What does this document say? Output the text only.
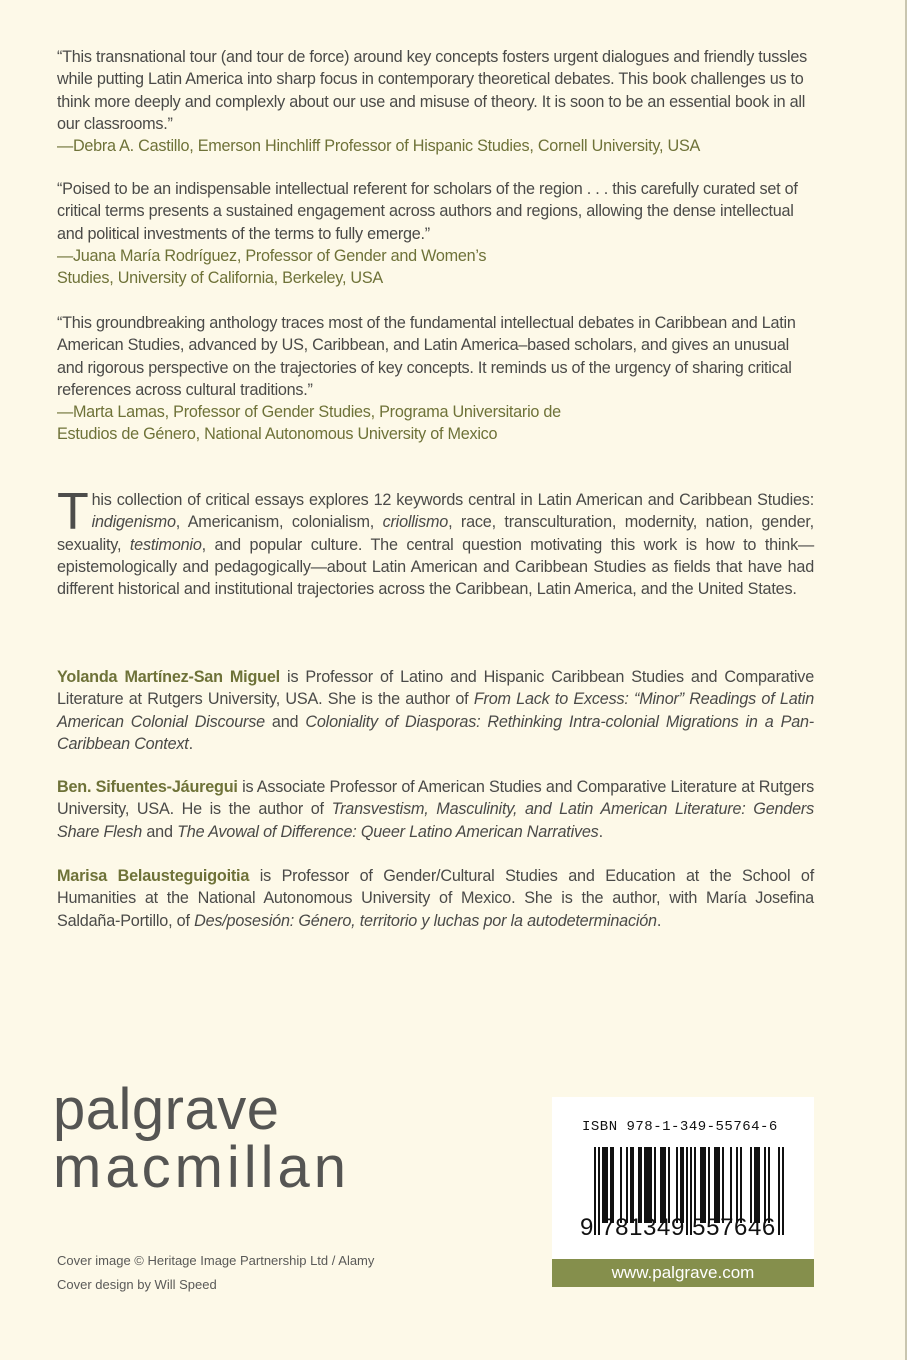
“This transnational tour (and tour de force) around key concepts fosters urgent dialogues and friendly tussles while putting Latin America into sharp focus in contemporary theoretical debates. This book challenges us to think more deeply and complexly about our use and misuse of theory. It is soon to be an essential book in all our classrooms.”

—Debra A. Castillo, Emerson Hinchliff Professor of Hispanic Studies, Cornell University, USA

“Poised to be an indispensable intellectual referent for scholars of the region . . . this carefully curated set of critical terms presents a sustained engagement across authors and regions, allowing the dense intellectual and political investments of the terms to fully emerge.”

—Juana María Rodríguez, Professor of Gender and Women’s

Studies, University of California, Berkeley, USA

“This groundbreaking anthology traces most of the fundamental intellectual debates in Caribbean and Latin American Studies, advanced by US, Caribbean, and Latin America–based scholars, and gives an unusual and rigorous perspective on the trajectories of key concepts. It reminds us of the urgency of sharing critical references across cultural traditions.”

—Marta Lamas, Professor of Gender Studies, Programa Universitario de

Estudios de Género, National Autonomous University of Mexico

T his collection of critical essays explores 12 keywords central in Latin American and Caribbean Studies: indigenismo, Americanism, colonialism, criollismo, race, transculturation, modernity, nation, gender, sexuality, testimonio, and popular culture. The central question motivating this work is how to think—epistemologically and pedagogically—about Latin American and Caribbean Studies as fields that have had different historical and institutional trajectories across the Caribbean, Latin America, and the United States.
Yolanda Martínez-San Miguel is Professor of Latino and Hispanic Caribbean Studies and Comparative Literature at Rutgers University, USA. She is the author of From Lack to Excess: “Minor” Readings of Latin American Colonial Discourse and Coloniality of Diasporas: Rethinking Intra-colonial Migrations in a Pan-Caribbean Context.
Ben. Sifuentes-Jáuregui is Associate Professor of American Studies and Comparative Literature at Rutgers University, USA. He is the author of Transvestism, Masculinity, and Latin American Literature: Genders Share Flesh and The Avowal of Difference: Queer Latino American Narratives.
Marisa Belausteguigoitia is Professor of Gender/Cultural Studies and Education at the School of Humanities at the National Autonomous University of Mexico. She is the author, with María Josefina Saldaña-Portillo, of Des/posesión: Género, territorio y luchas por la autodeterminación.
palgrave
macmillan
Cover image © Heritage Image Partnership Ltd / Alamy
Cover design by Will Speed
ISBN 978-1-349-55764-6
9 781349 557646
www.palgrave.com
